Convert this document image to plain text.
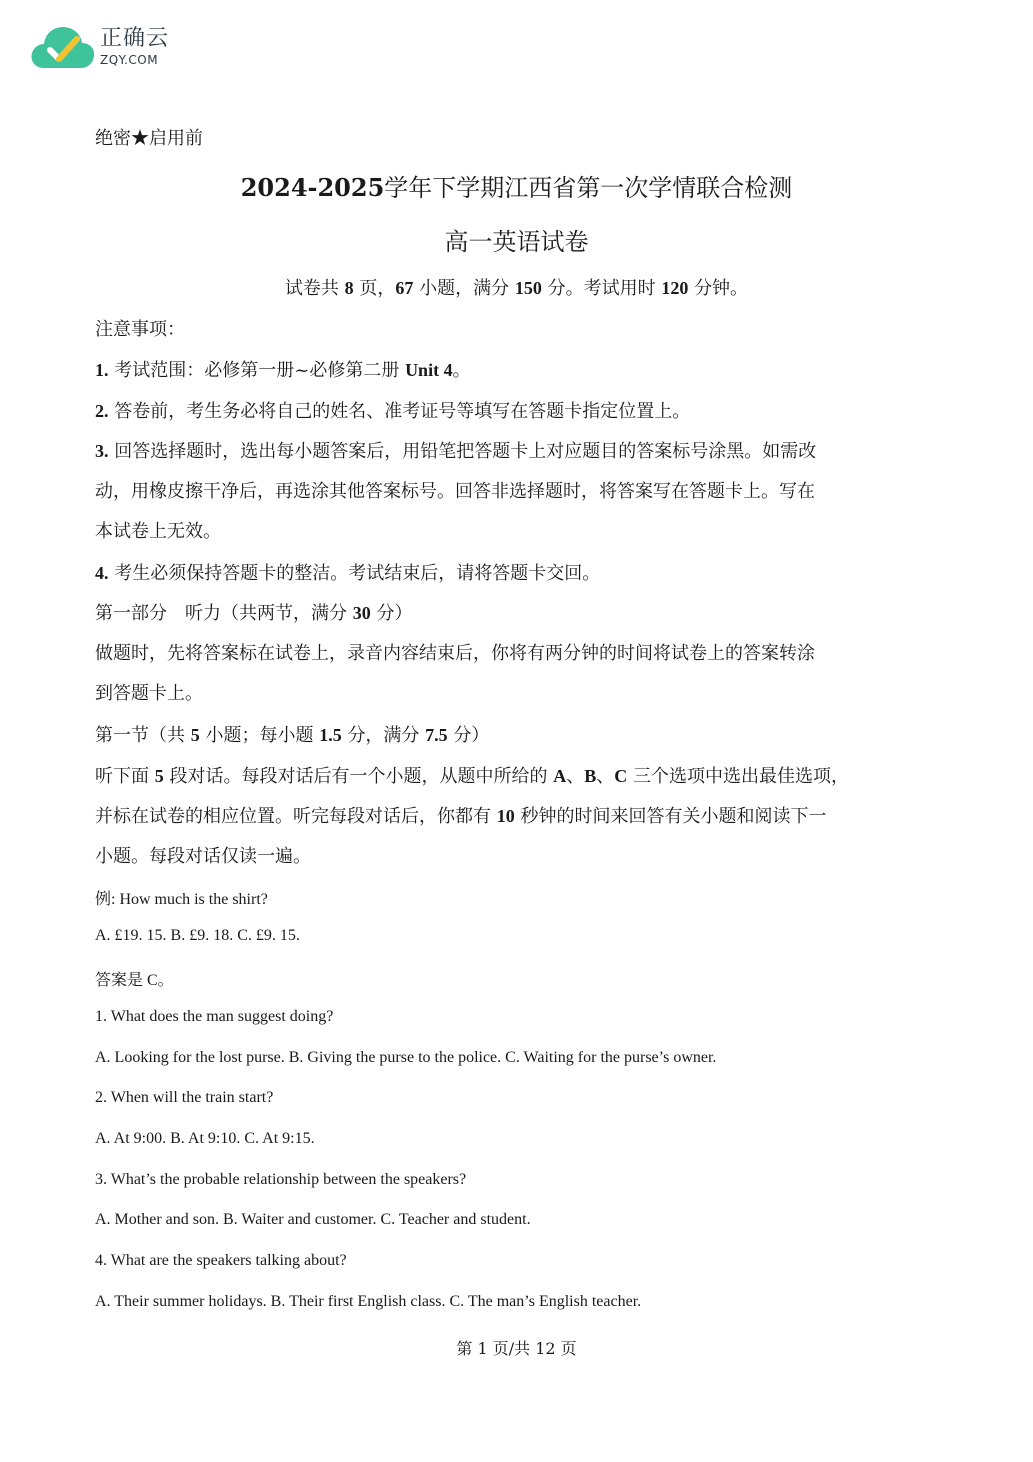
正确云
ZQY.COM
绝密★启用前
2024-2025学年下学期江西省第一次学情联合检测
高一英语试卷
试卷共 8 页，67 小题，满分 150 分。考试用时 120 分钟。
注意事项：
1. 考试范围：必修第一册~必修第二册 Unit 4。
2. 答卷前，考生务必将自己的姓名、准考证号等填写在答题卡指定位置上。
3. 回答选择题时，选出每小题答案后，用铅笔把答题卡上对应题目的答案标号涂黑。如需改
动，用橡皮擦干净后，再选涂其他答案标号。回答非选择题时，将答案写在答题卡上。写在
本试卷上无效。
4. 考生必须保持答题卡的整洁。考试结束后，请将答题卡交回。
第一部分　听力（共两节，满分 30 分）
做题时，先将答案标在试卷上，录音内容结束后，你将有两分钟的时间将试卷上的答案转涂
到答题卡上。
第一节（共 5 小题；每小题 1.5 分，满分 7.5 分）
听下面 5 段对话。每段对话后有一个小题，从题中所给的 A、B、C 三个选项中选出最佳选项，
并标在试卷的相应位置。听完每段对话后，你都有 10 秒钟的时间来回答有关小题和阅读下一
小题。每段对话仅读一遍。
例: How much is the shirt?
A. £19. 15. B. £9. 18. C. £9. 15.
答案是 C。
1. What does the man suggest doing?
A. Looking for the lost purse. B. Giving the purse to the police. C. Waiting for the purse’s owner.
2. When will the train start?
A. At 9:00. B. At 9:10. C. At 9:15.
3. What’s the probable relationship between the speakers?
A. Mother and son. B. Waiter and customer. C. Teacher and student.
4. What are the speakers talking about?
A. Their summer holidays. B. Their first English class. C. The man’s English teacher.
第 1 页/共 12 页
